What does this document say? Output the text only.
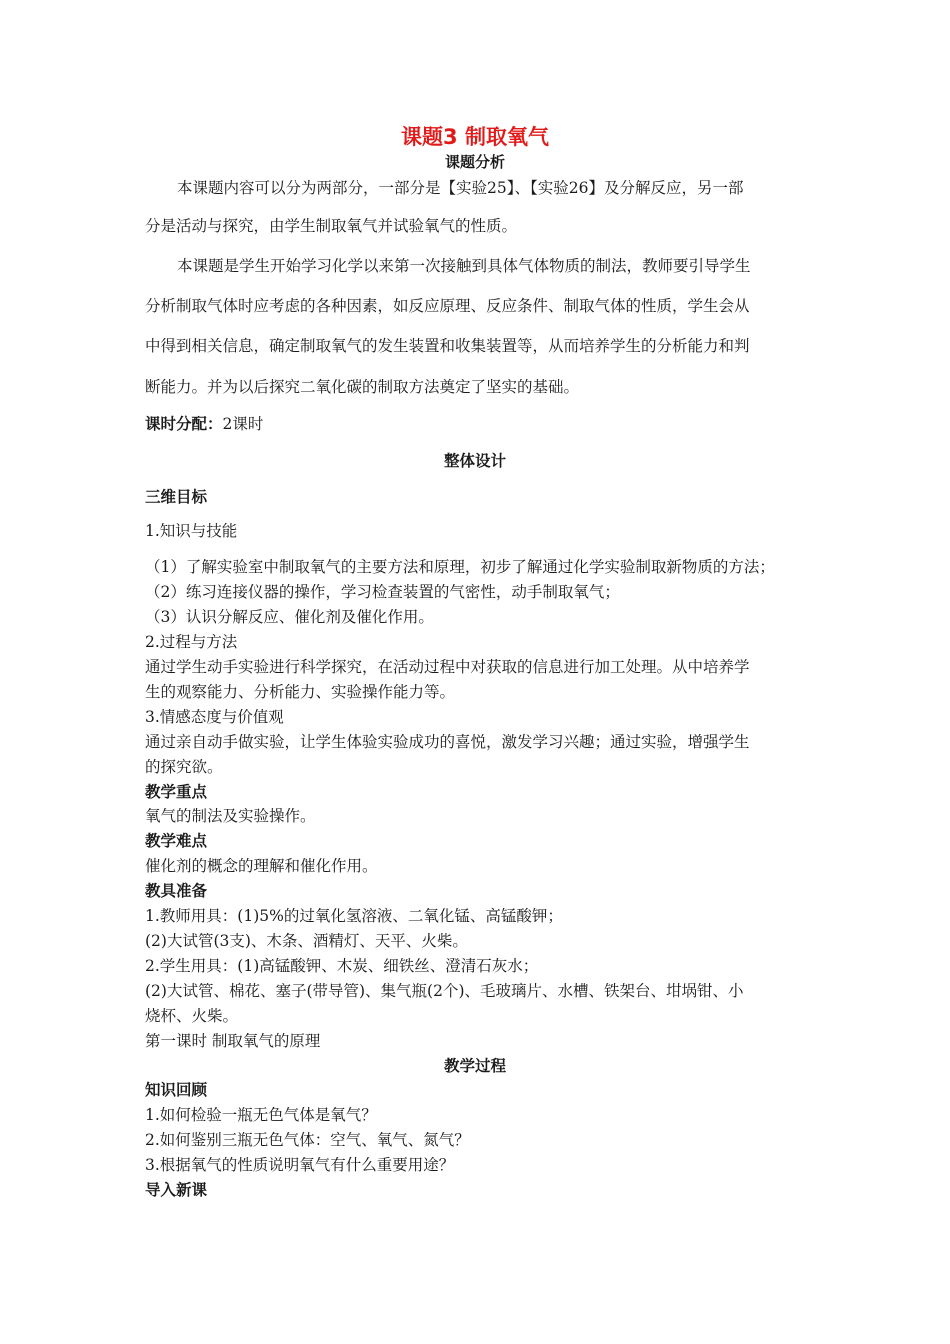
课题3 制取氧气
课题分析
本课题内容可以分为两部分，一部分是【实验25】、【实验26】及分解反应，另一部
分是活动与探究，由学生制取氧气并试验氧气的性质。
本课题是学生开始学习化学以来第一次接触到具体气体物质的制法，教师要引导学生
分析制取气体时应考虑的各种因素，如反应原理、反应条件、制取气体的性质，学生会从
中得到相关信息，确定制取氧气的发生装置和收集装置等，从而培养学生的分析能力和判
断能力。并为以后探究二氧化碳的制取方法奠定了坚实的基础。
课时分配：2课时
整体设计
三维目标
1.知识与技能
（1）了解实验室中制取氧气的主要方法和原理，初步了解通过化学实验制取新物质的方法；
（2）练习连接仪器的操作，学习检查装置的气密性，动手制取氧气；
（3）认识分解反应、催化剂及催化作用。
2.过程与方法
通过学生动手实验进行科学探究，在活动过程中对获取的信息进行加工处理。从中培养学
生的观察能力、分析能力、实验操作能力等。
3.情感态度与价值观
通过亲自动手做实验，让学生体验实验成功的喜悦，激发学习兴趣；通过实验，增强学生
的探究欲。
教学重点
氧气的制法及实验操作。
教学难点
催化剂的概念的理解和催化作用。
教具准备
1.教师用具：(1)5%的过氧化氢溶液、二氧化锰、高锰酸钾；
(2)大试管(3支)、木条、酒精灯、天平、火柴。
2.学生用具：(1)高锰酸钾、木炭、细铁丝、澄清石灰水；
(2)大试管、棉花、塞子(带导管)、集气瓶(2个)、毛玻璃片、水槽、铁架台、坩埚钳、小
烧杯、火柴。
第一课时 制取氧气的原理
教学过程
知识回顾
1.如何检验一瓶无色气体是氧气？
2.如何鉴别三瓶无色气体：空气、氧气、氮气？
3.根据氧气的性质说明氧气有什么重要用途？
导入新课
